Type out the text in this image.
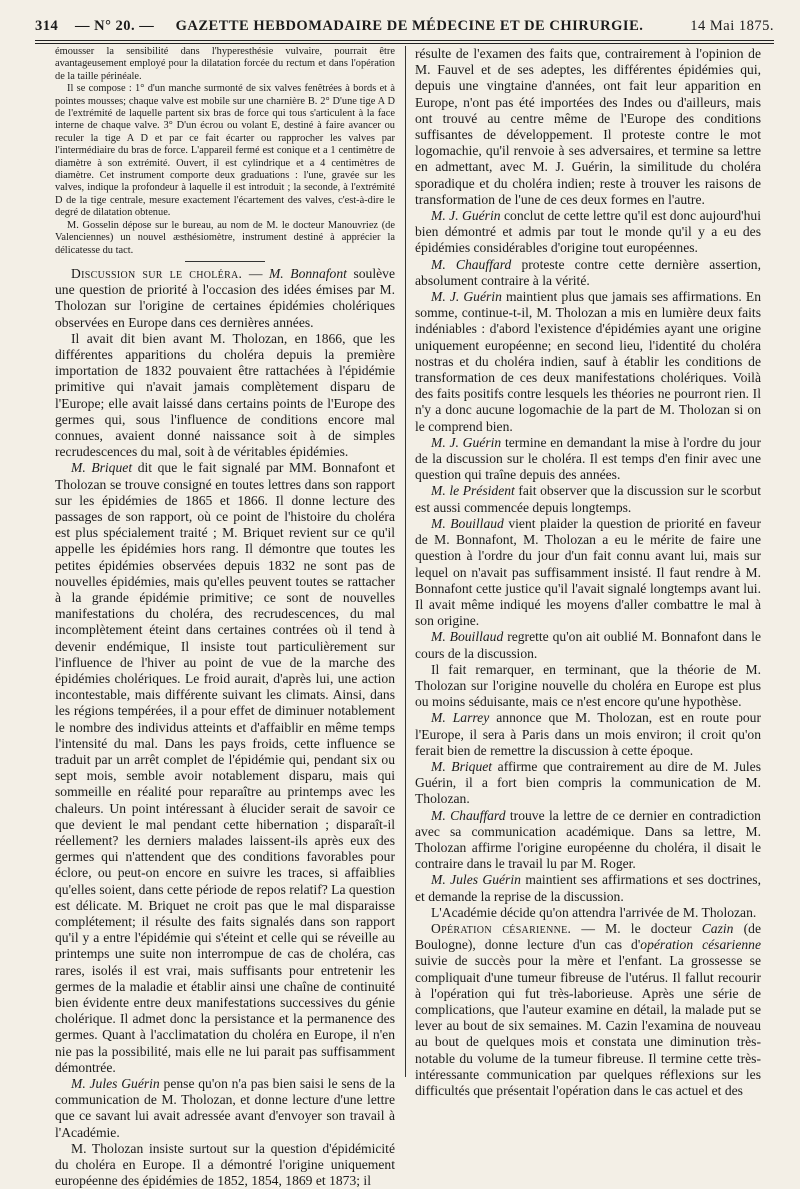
314	— N° 20. —	GAZETTE HEBDOMADAIRE DE MÉDECINE ET DE CHIRURGIE.	14 Mai 1875.

émousser la sensibilité dans l'hyperesthésie vulvaire, pourrait être avantageusement employé pour la dilatation forcée du rectum et dans l'opération de la taille périnéale.

Il se compose : 1° d'un manche surmonté de six valves fenêtrées à bords et à pointes mousses; chaque valve est mobile sur une charnière B. 2° D'une tige A D de l'extrémité de laquelle partent six bras de force qui tous s'articulent à la face interne de chaque valve. 3° D'un écrou ou volant E, destiné à faire avancer ou reculer la tige A D et par ce fait écarter ou rapprocher les valves par l'intermédiaire du bras de force. L'appareil fermé est conique et a 1 centimètre de diamètre à son extrémité. Ouvert, il est cylindrique et a 4 centimètres de diamètre. Cet instrument comporte deux graduations : l'une, gravée sur les valves, indique la profondeur à laquelle il est introduit ; la seconde, à l'extrémité D de la tige centrale, mesure exactement l'écartement des valves, c'est-à-dire le degré de dilatation obtenue.

M. Gosselin dépose sur le bureau, au nom de M. le docteur Manouvriez (de Valenciennes) un nouvel æsthésiomètre, instrument destiné à apprécier la délicatesse du tact.

Discussion sur le choléra. — M. Bonnafont soulève une question de priorité à l'occasion des idées émises par M. Tholozan sur l'origine de certaines épidémies cholériques observées en Europe dans ces dernières années.

Il avait dit bien avant M. Tholozan, en 1866, que les différentes apparitions du choléra depuis la première importation de 1832 pouvaient être rattachées à l'épidémie primitive qui n'avait jamais complètement disparu de l'Europe; elle avait laissé dans certains points de l'Europe des germes qui, sous l'influence de conditions encore mal connues, avaient donné naissance soit à de simples recrudescences du mal, soit à de véritables épidémies.

M. Briquet dit que le fait signalé par MM. Bonnafont et Tholozan se trouve consigné en toutes lettres dans son rapport sur les épidémies de 1865 et 1866. Il donne lecture des passages de son rapport, où ce point de l'histoire du choléra est plus spécialement traité ; M. Briquet revient sur ce qu'il appelle les épidémies hors rang. Il démontre que toutes les petites épidémies observées depuis 1832 ne sont pas de nouvelles épidémies, mais qu'elles peuvent toutes se rattacher à la grande épidémie primitive; ce sont de nouvelles manifestations du choléra, des recrudescences, du mal incomplètement éteint dans certaines contrées où il tend à devenir endémique, Il insiste tout particulièrement sur l'influence de l'hiver au point de vue de la marche des épidémies cholériques. Le froid aurait, d'après lui, une action incontestable, mais différente suivant les climats. Ainsi, dans les régions tempérées, il a pour effet de diminuer notablement le nombre des individus atteints et d'affaiblir en même temps l'intensité du mal. Dans les pays froids, cette influence se traduit par un arrêt complet de l'épidémie qui, pendant six ou sept mois, semble avoir notablement disparu, mais qui sommeille en réalité pour reparaître au printemps avec les chaleurs. Un point intéressant à élucider serait de savoir ce que devient le mal pendant cette hibernation ; disparaît-il réellement? les derniers malades laissent-ils après eux des germes qui n'attendent que des conditions favorables pour éclore, ou peut-on encore en suivre les traces, si affaiblies qu'elles soient, dans cette période de repos relatif? La question est délicate. M. Briquet ne croit pas que le mal disparaisse complétement; il résulte des faits signalés dans son rapport qu'il y a entre l'épidémie qui s'éteint et celle qui se réveille au printemps une suite non interrompue de cas de choléra, cas rares, isolés il est vrai, mais suffisants pour entretenir les germes de la maladie et établir ainsi une chaîne de continuité bien évidente entre deux manifestations successives du génie cholérique. Il admet donc la persistance et la permanence des germes. Quant à l'acclimatation du choléra en Europe, il n'en nie pas la possibilité, mais elle ne lui parait pas suffisamment démontrée.

M. Jules Guérin pense qu'on n'a pas bien saisi le sens de la communication de M. Tholozan, et donne lecture d'une lettre que ce savant lui avait adressée avant d'envoyer son travail à l'Académie.

M. Tholozan insiste surtout sur la question d'épidémicité du choléra en Europe. Il a démontré l'origine uniquement européenne des épidémies de 1852, 1854, 1869 et 1873; il

résulte de l'examen des faits que, contrairement à l'opinion de M. Fauvel et de ses adeptes, les différentes épidémies qui, depuis une vingtaine d'années, ont fait leur apparition en Europe, n'ont pas été importées des Indes ou d'ailleurs, mais ont trouvé au centre même de l'Europe des conditions suffisantes de développement. Il proteste contre le mot logomachie, qu'il renvoie à ses adversaires, et termine sa lettre en admettant, avec M. J. Guérin, la similitude du choléra sporadique et du choléra indien; reste à trouver les raisons de transformation de l'une de ces deux formes en l'autre.

M. J. Guérin conclut de cette lettre qu'il est donc aujourd'hui bien démontré et admis par tout le monde qu'il y a eu des épidémies considérables d'origine tout européennes.

M. Chauffard proteste contre cette dernière assertion, absolument contraire à la vérité.

M. J. Guérin maintient plus que jamais ses affirmations. En somme, continue-t-il, M. Tholozan a mis en lumière deux faits indéniables : d'abord l'existence d'épidémies ayant une origine uniquement européenne; en second lieu, l'identité du choléra nostras et du choléra indien, sauf à établir les conditions de transformation de ces deux manifestations cholériques. Voilà des faits positifs contre lesquels les théories ne pourront rien. Il n'y a donc aucune logomachie de la part de M. Tholozan si on le comprend bien.

M. J. Guérin termine en demandant la mise à l'ordre du jour de la discussion sur le choléra. Il est temps d'en finir avec une question qui traîne depuis des années.

M. le Président fait observer que la discussion sur le scorbut est aussi commencée depuis longtemps.

M. Bouillaud vient plaider la question de priorité en faveur de M. Bonnafont, M. Tholozan a eu le mérite de faire une question à l'ordre du jour d'un fait connu avant lui, mais sur lequel on n'avait pas suffisamment insisté. Il faut rendre à M. Bonnafont cette justice qu'il l'avait signalé longtemps avant lui. Il avait même indiqué les moyens d'aller combattre le mal à son origine.

M. Bouillaud regrette qu'on ait oublié M. Bonnafont dans le cours de la discussion.

Il fait remarquer, en terminant, que la théorie de M. Tholozan sur l'origine nouvelle du choléra en Europe est plus ou moins séduisante, mais ce n'est encore qu'une hypothèse.

M. Larrey annonce que M. Tholozan, est en route pour l'Europe, il sera à Paris dans un mois environ; il croit qu'on ferait bien de remettre la discussion à cette époque.

M. Briquet affirme que contrairement au dire de M. Jules Guérin, il a fort bien compris la communication de M. Tholozan.

M. Chauffard trouve la lettre de ce dernier en contradiction avec sa communication académique. Dans sa lettre, M. Tholozan affirme l'origine européenne du choléra, il disait le contraire dans le travail lu par M. Roger.

M. Jules Guérin maintient ses affirmations et ses doctrines, et demande la reprise de la discussion.

L'Académie décide qu'on attendra l'arrivée de M. Tholozan.

Opération césarienne. — M. le docteur Cazin (de Boulogne), donne lecture d'un cas d'opération césarienne suivie de succès pour la mère et l'enfant. La grossesse se compliquait d'une tumeur fibreuse de l'utérus. Il fallut recourir à l'opération qui fut très-laborieuse. Après une série de complications, que l'auteur examine en détail, la malade put se lever au bout de six semaines. M. Cazin l'examina de nouveau au bout de quelques mois et constata une diminution très-notable du volume de la tumeur fibreuse. Il termine cette très-intéressante communication par quelques réflexions sur les difficultés que présentait l'opération dans le cas actuel et des
